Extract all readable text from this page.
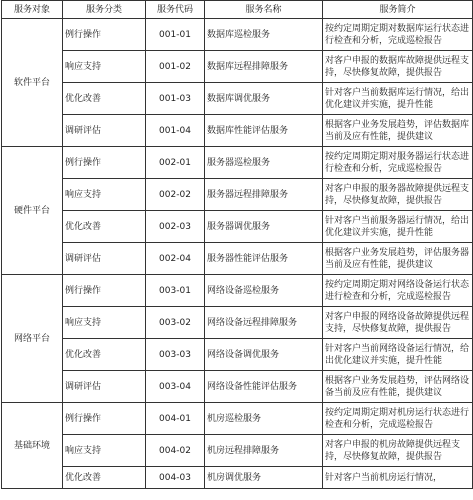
服务对象	服务分类	服务代码	服务名称	服务简介
软件平台	例行操作	001-01	数据库巡检服务	按约定周期定期对数据库运行状态进行检查和分析，完成巡检报告
	响应支持	001-02	数据库远程排障服务	对客户申报的数据库故障提供远程支持，尽快修复故障，提供报告
	优化改善	001-03	数据库调优服务	针对客户当前数据库运行情况，给出优化建议并实施，提升性能
	调研评估	001-04	数据库性能评估服务	根据客户业务发展趋势，评估数据库当前及应有性能，提供建议
硬件平台	例行操作	002-01	服务器巡检服务	按约定周期定期对服务器运行状态进行检查和分析，完成巡检报告
	响应支持	002-02	服务器远程排障服务	对客户申报的服务器故障提供远程支持，尽快修复故障，提供报告
	优化改善	002-03	服务器调优服务	针对客户当前服务器运行情况，给出优化建议并实施，提升性能
	调研评估	002-04	服务器性能评估服务	根据客户业务发展趋势，评估服务器当前及应有性能，提供建议
网络平台	例行操作	003-01	网络设备巡检服务	按约定周期定期对网络设备运行状态进行检查和分析，完成巡检报告
	响应支持	003-02	网络设备远程排障服务	对客户申报的网络设备故障提供远程支持，尽快修复故障，提供报告
	优化改善	003-03	网络设备调优服务	针对客户当前网络设备运行情况，给出优化建议并实施，提升性能
	调研评估	003-04	网络设备性能评估服务	根据客户业务发展趋势，评估网络设备当前及应有性能，提供建议
基础环境	例行操作	004-01	机房巡检服务	按约定周期定期对机房运行状态进行检查和分析，完成巡检报告
	响应支持	004-02	机房远程排障服务	对客户申报的机房故障提供远程支持，尽快修复故障，提供报告
	优化改善	004-03	机房调优服务	针对客户当前机房运行情况，
